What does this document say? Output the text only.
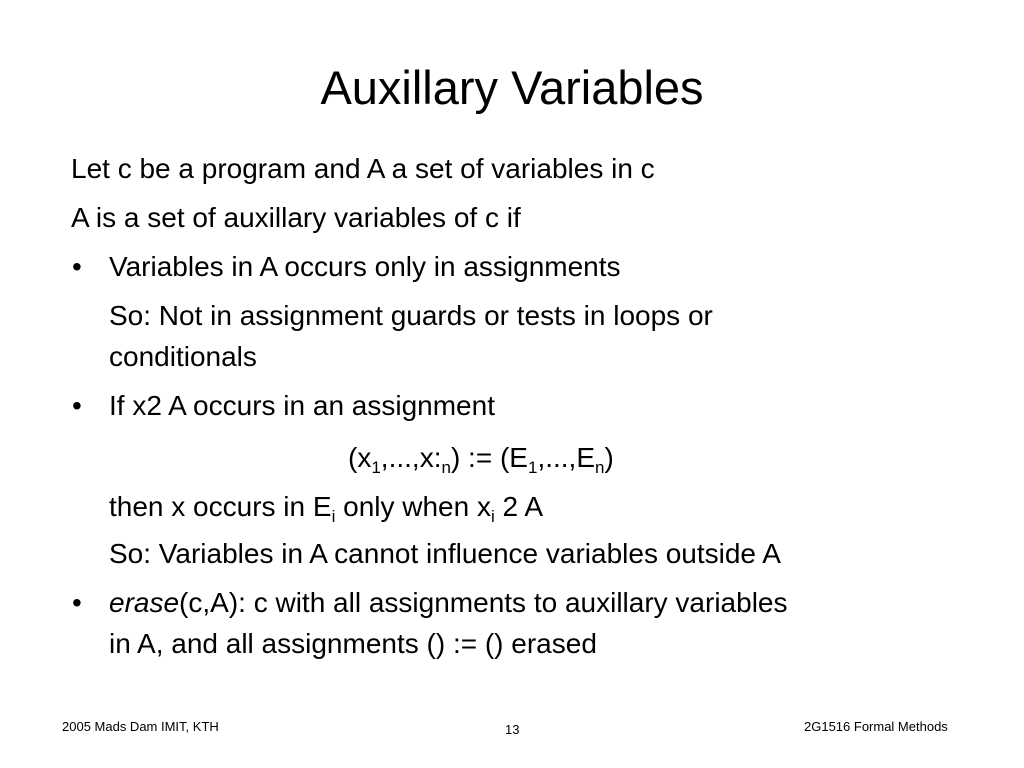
Auxillary Variables
Let c be a program and A a set of variables in c
A is a set of auxillary variables of c if
• Variables in A occurs only in assignments
So: Not in assignment guards or tests in loops or
conditionals
• If x2 A occurs in an assignment
$(x_1,...,x:_n)$ := $(E_1,...,E_n)$
then x occurs in $E_i$ only when $x_i$ 2 A
So: Variables in A cannot influence variables outside A
• erase(c,A): c with all assignments to auxillary variables
in A, and all assignments () := () erased
2005 Mads Dam IMIT, KTH	13	2G1516 Formal Methods
